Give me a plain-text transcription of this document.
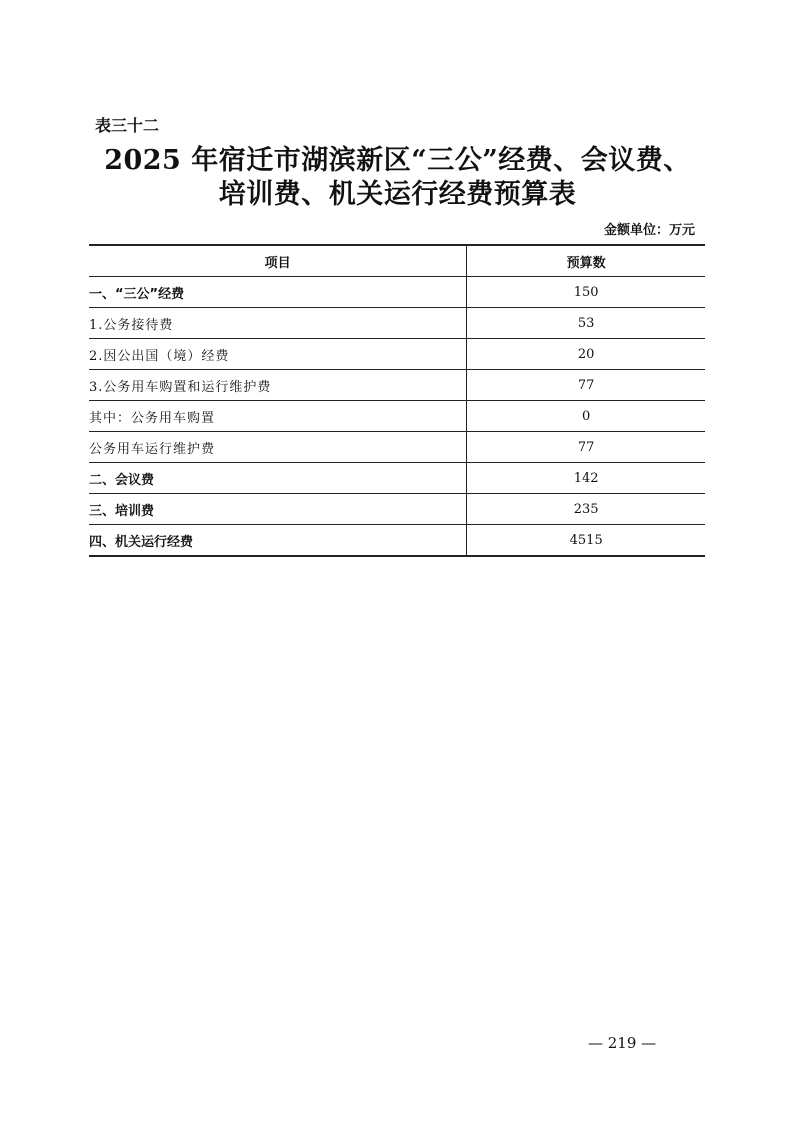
表三十二
2025 年宿迁市湖滨新区“三公”经费、会议费、
培训费、机关运行经费预算表
金额单位：万元
项目	预算数
一、“三公”经费	150
1.公务接待费	53
2.因公出国（境）经费	20
3.公务用车购置和运行维护费	77
其中：公务用车购置	0
公务用车运行维护费	77
二、会议费	142
三、培训费	235
四、机关运行经费	4515
— 219 —
